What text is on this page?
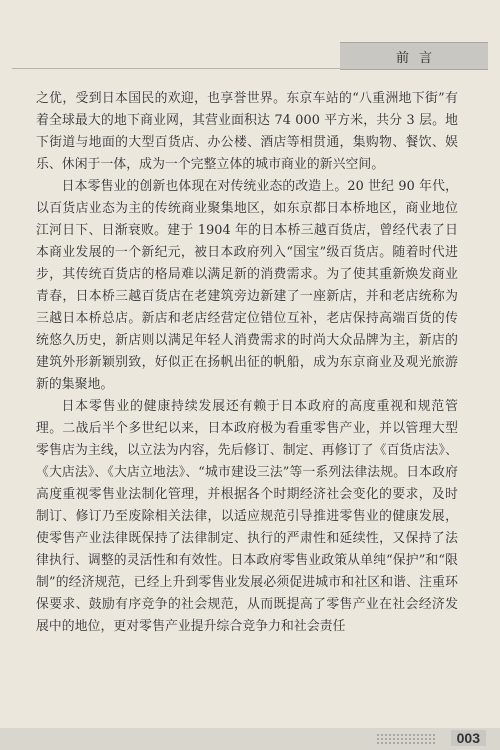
前言

之优，受到日本国民的欢迎，也享誉世界。东京车站的“八重洲地下街”有着全球最大的地下商业网，其营业面积达 74 000 平方米，共分 3 层。地下街道与地面的大型百货店、办公楼、酒店等相贯通，集购物、餐饮、娱乐、休闲于一体，成为一个完整立体的城市商业的新兴空间。

日本零售业的创新也体现在对传统业态的改造上。20 世纪 90 年代，以百货店业态为主的传统商业聚集地区，如东京都日本桥地区，商业地位江河日下、日渐衰败。建于 1904 年的日本桥三越百货店，曾经代表了日本商业发展的一个新纪元，被日本政府列入“国宝”级百货店。随着时代进步，其传统百货店的格局难以满足新的消费需求。为了使其重新焕发商业青春，日本桥三越百货店在老建筑旁边新建了一座新店，并和老店统称为三越日本桥总店。新店和老店经营定位错位互补，老店保持高端百货的传统悠久历史，新店则以满足年轻人消费需求的时尚大众品牌为主，新店的建筑外形新颖别致，好似正在扬帆出征的帆船，成为东京商业及观光旅游新的集聚地。

日本零售业的健康持续发展还有赖于日本政府的高度重视和规范管理。二战后半个多世纪以来，日本政府极为看重零售产业，并以管理大型零售店为主线，以立法为内容，先后修订、制定、再修订了《百货店法》、《大店法》、《大店立地法》、“城市建设三法”等一系列法律法规。日本政府高度重视零售业法制化管理，并根据各个时期经济社会变化的要求，及时制订、修订乃至废除相关法律，以适应规范引导推进零售业的健康发展，使零售产业法律既保持了法律制定、执行的严肃性和延续性，又保持了法律执行、调整的灵活性和有效性。日本政府零售业政策从单纯“保护”和“限制”的经济规范，已经上升到零售业发展必须促进城市和社区和谐、注重环保要求、鼓励有序竞争的社会规范，从而既提高了零售产业在社会经济发展中的地位，更对零售产业提升综合竞争力和社会责任

003
